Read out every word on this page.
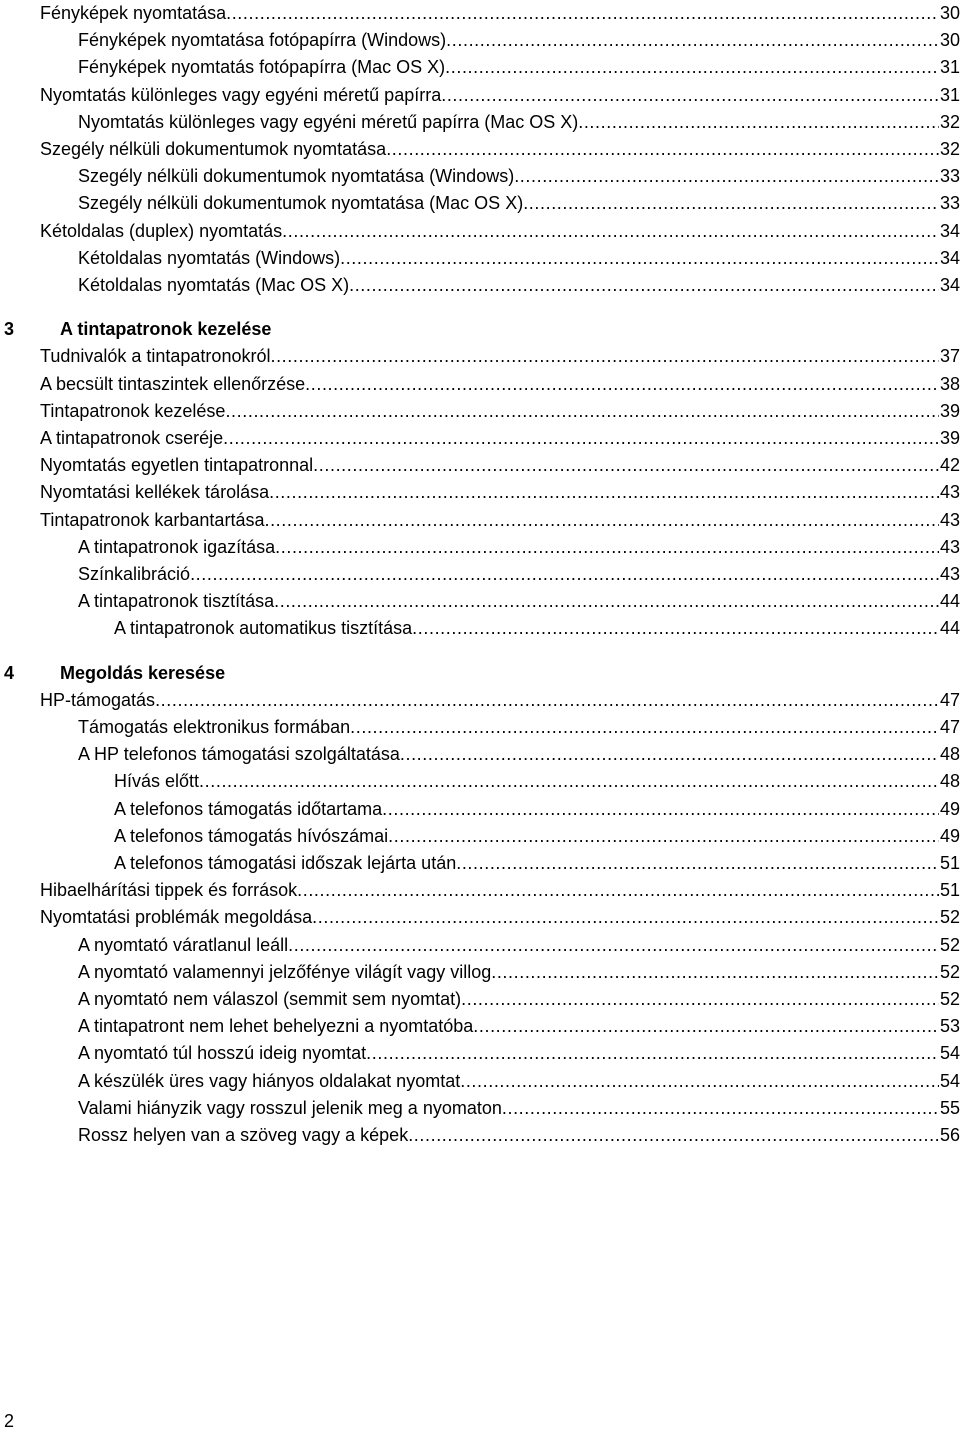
Fényképek nyomtatása .....	30
Fényképek nyomtatása fotópapírra (Windows) .....	30
Fényképek nyomtatás fotópapírra (Mac OS X) .....	31
Nyomtatás különleges vagy egyéni méretű papírra .....	31
Nyomtatás különleges vagy egyéni méretű papírra (Mac OS X) .....	32
Szegély nélküli dokumentumok nyomtatása .....	32
Szegély nélküli dokumentumok nyomtatása (Windows) .....	33
Szegély nélküli dokumentumok nyomtatása (Mac OS X) .....	33
Kétoldalas (duplex) nyomtatás .....	34
Kétoldalas nyomtatás (Windows) .....	34
Kétoldalas nyomtatás (Mac OS X) .....	34
3	A tintapatronok kezelése
Tudnivalók a tintapatronokról .....	37
A becsült tintaszintek ellenőrzése .....	38
Tintapatronok kezelése .....	39
A tintapatronok cseréje .....	39
Nyomtatás egyetlen tintapatronnal .....	42
Nyomtatási kellékek tárolása .....	43
Tintapatronok karbantartása .....	43
A tintapatronok igazítása .....	43
Színkalibráció .....	43
A tintapatronok tisztítása .....	44
A tintapatronok automatikus tisztítása .....	44
4	Megoldás keresése
HP-támogatás .....	47
Támogatás elektronikus formában .....	47
A HP telefonos támogatási szolgáltatása .....	48
Hívás előtt .....	48
A telefonos támogatás időtartama .....	49
A telefonos támogatás hívószámai .....	49
A telefonos támogatási időszak lejárta után .....	51
Hibaelhárítási tippek és források .....	51
Nyomtatási problémák megoldása .....	52
A nyomtató váratlanul leáll .....	52
A nyomtató valamennyi jelzőfénye világít vagy villog .....	52
A nyomtató nem válaszol (semmit sem nyomtat) .....	52
A tintapatront nem lehet behelyezni a nyomtatóba .....	53
A nyomtató túl hosszú ideig nyomtat .....	54
A készülék üres vagy hiányos oldalakat nyomtat .....	54
Valami hiányzik vagy rosszul jelenik meg a nyomaton .....	55
Rossz helyen van a szöveg vagy a képek .....	56
2
